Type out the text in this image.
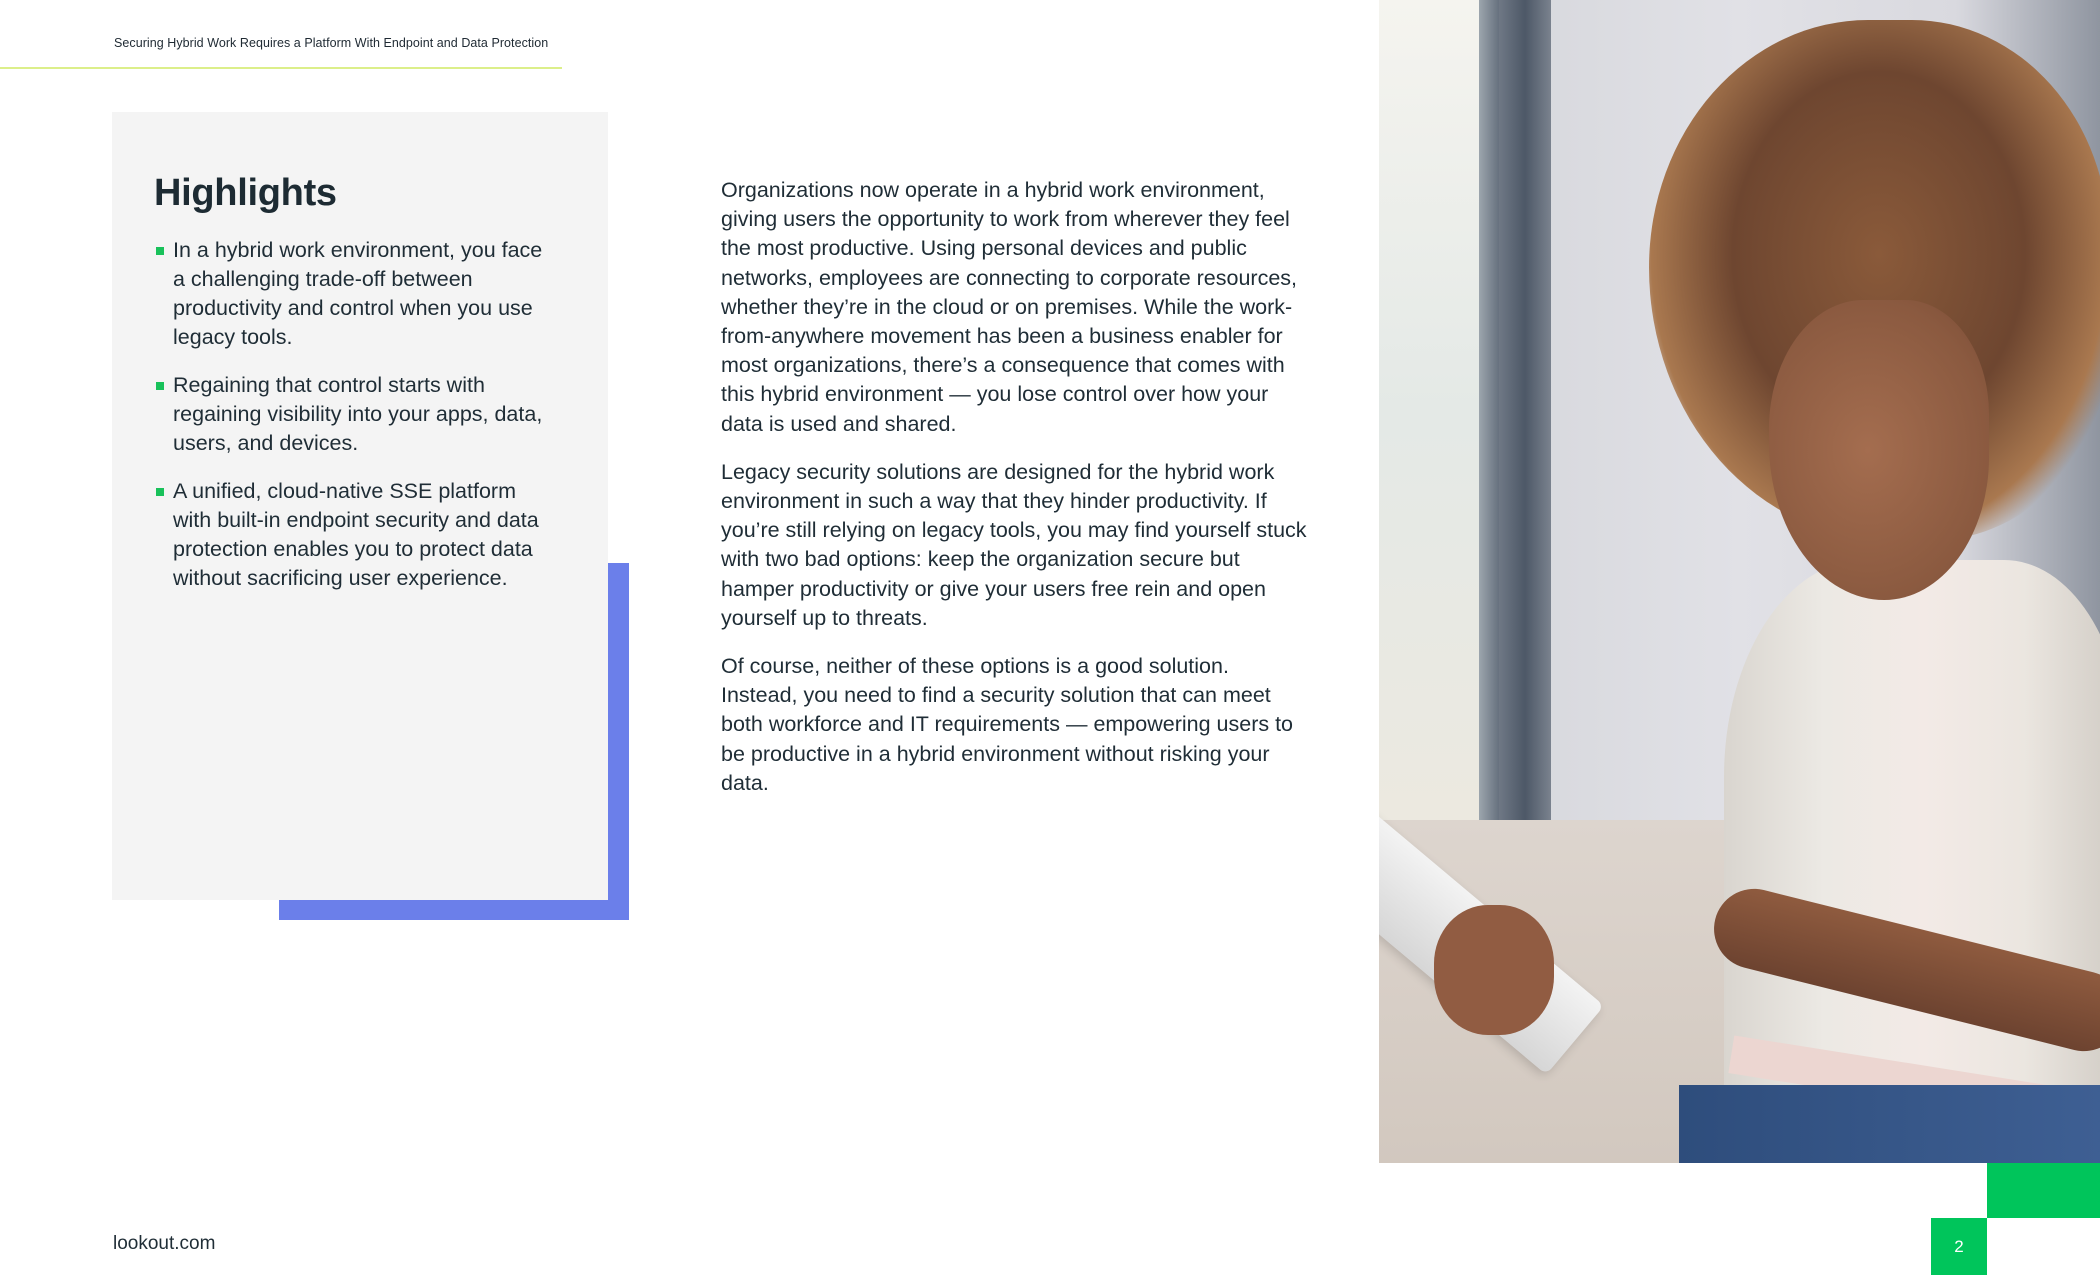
Securing Hybrid Work Requires a Platform With Endpoint and Data Protection
Highlights
In a hybrid work environment, you face a challenging trade-off between productivity and control when you use legacy tools.
Regaining that control starts with regaining visibility into your apps, data, users, and devices.
A unified, cloud-native SSE platform with built-in endpoint security and data protection enables you to protect data without sacrificing user experience.

Organizations now operate in a hybrid work environment, giving users the opportunity to work from wherever they feel the most productive. Using personal devices and public networks, employees are connecting to corporate resources, whether they’re in the cloud or on premises. While the work-from-anywhere movement has been a business enabler for most organizations, there’s a consequence that comes with this hybrid environment — you lose control over how your data is used and shared.

Legacy security solutions are designed for the hybrid work environment in such a way that they hinder productivity. If you’re still relying on legacy tools, you may find yourself stuck with two bad options: keep the organization secure but hamper productivity or give your users free rein and open yourself up to threats.

Of course, neither of these options is a good solution. Instead, you need to find a security solution that can meet both workforce and IT requirements — empowering users to be productive in a hybrid environment without risking your data.

2
lookout.com
